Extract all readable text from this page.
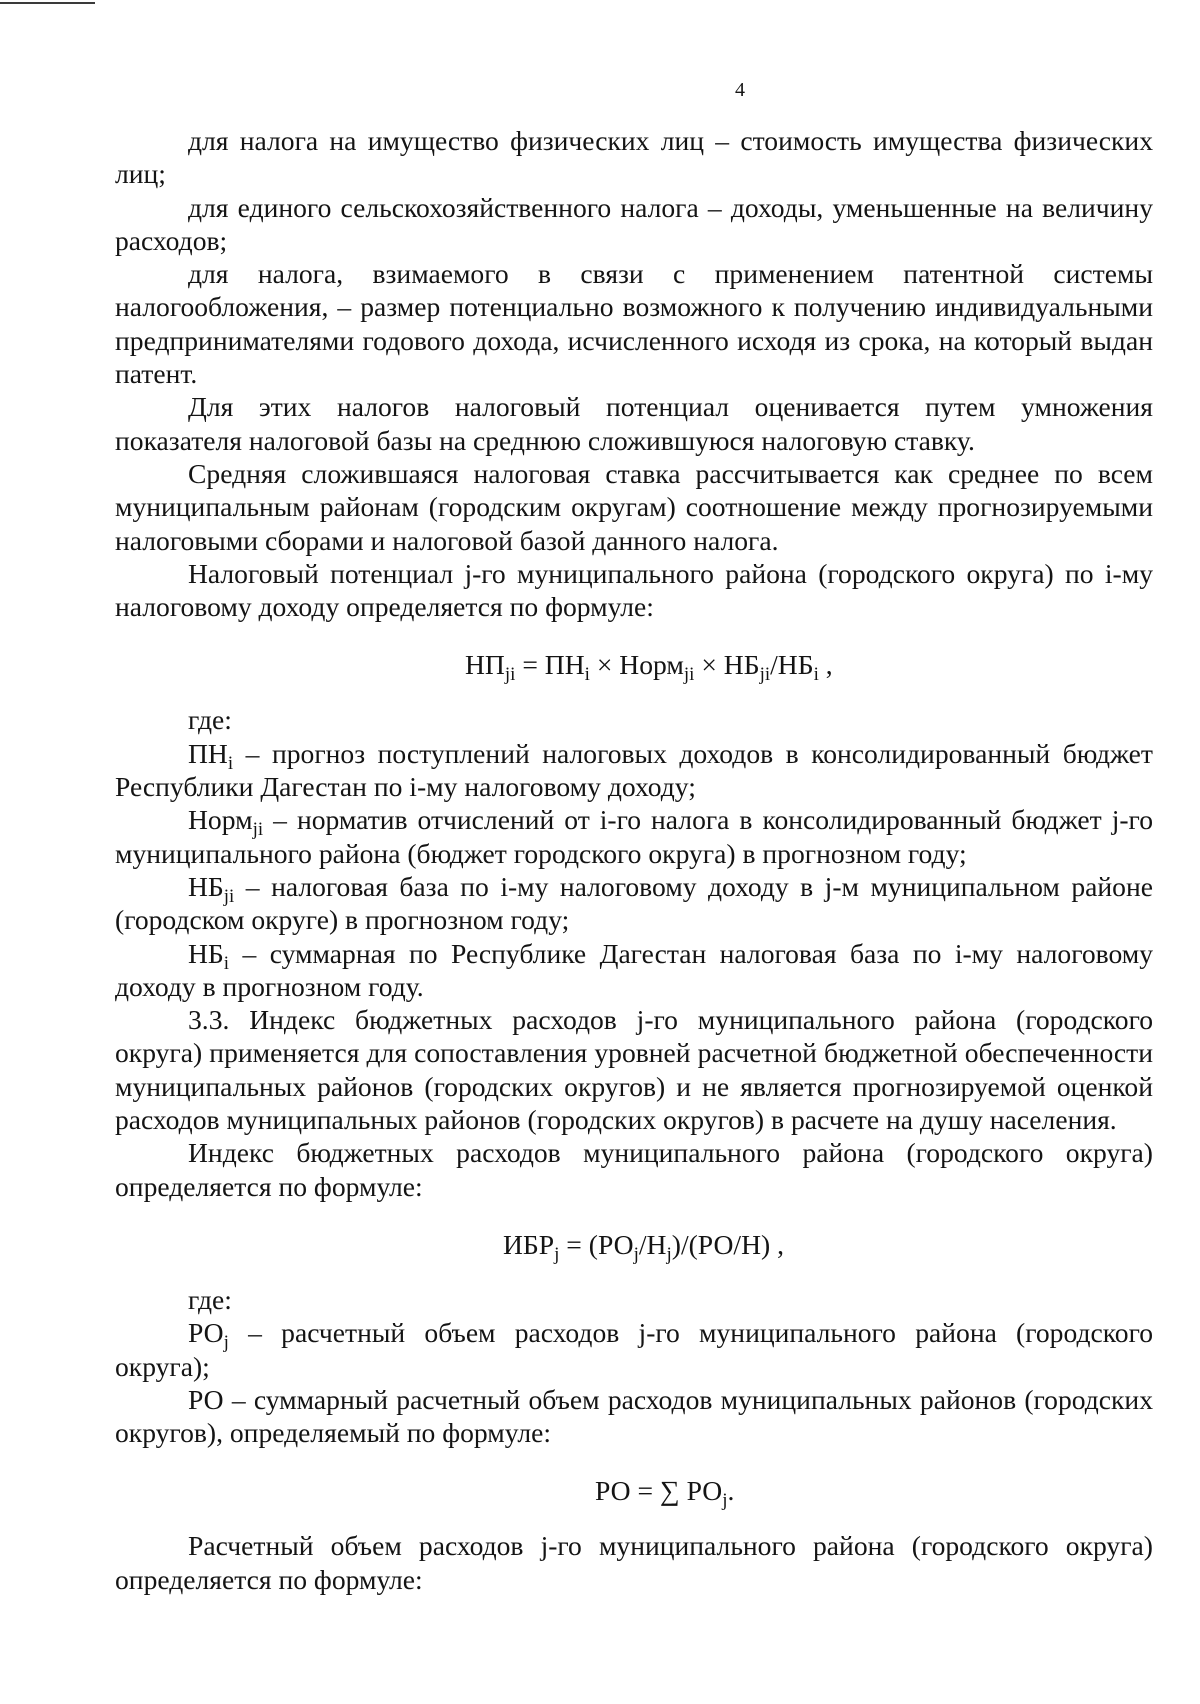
4

для налога на имущество физических лиц – стоимость имущества физических лиц;

для единого сельскохозяйственного налога – доходы, уменьшенные на величину расходов;

для налога, взимаемого в связи с применением патентной системы налогообложения, – размер потенциально возможного к получению индивидуальными предпринимателями годового дохода, исчисленного исходя из срока, на который выдан патент.

Для этих налогов налоговый потенциал оценивается путем умножения показателя налоговой базы на среднюю сложившуюся налоговую ставку.

Средняя сложившаяся налоговая ставка рассчитывается как среднее по всем муниципальным районам (городским округам) соотношение между прогнозируемыми налоговыми сборами и налоговой базой данного налога.

Налоговый потенциал j-го муниципального района (городского округа) по i-му налоговому доходу определяется по формуле:

$НП_{ji} = ПН_i$ × Норм$_{ji}$ × $НБ_{ji}/НБ_i$ ,

где:

$ПН_i$ – прогноз поступлений налоговых доходов в консолидированный бюджет Республики Дагестан по i-му налоговому доходу;

Норм$_{ji}$ – норматив отчислений от i-го налога в консолидированный бюджет j-го муниципального района (бюджет городского округа) в прогнозном году;

$НБ_{ji}$ – налоговая база по i-му налоговому доходу в j-м муниципальном районе (городском округе) в прогнозном году;

$НБ_i$ – суммарная по Республике Дагестан налоговая база по i-му налоговому доходу в прогнозном году.

3.3. Индекс бюджетных расходов j-го муниципального района (городского округа) применяется для сопоставления уровней расчетной бюджетной обеспеченности муниципальных районов (городских округов) и не является прогнозируемой оценкой расходов муниципальных районов (городских округов) в расчете на душу населения.

Индекс бюджетных расходов муниципального района (городского округа) определяется по формуле:

$ИБР_j = (РО_j/Н_j)/(РО/Н)$ ,

где:

$РО_j$ – расчетный объем расходов j-го муниципального района (городского округа);

РО – суммарный расчетный объем расходов муниципальных районов (городских округов), определяемый по формуле:

РО = ∑ $РО_j$.

Расчетный объем расходов j-го муниципального района (городского округа) определяется по формуле:
